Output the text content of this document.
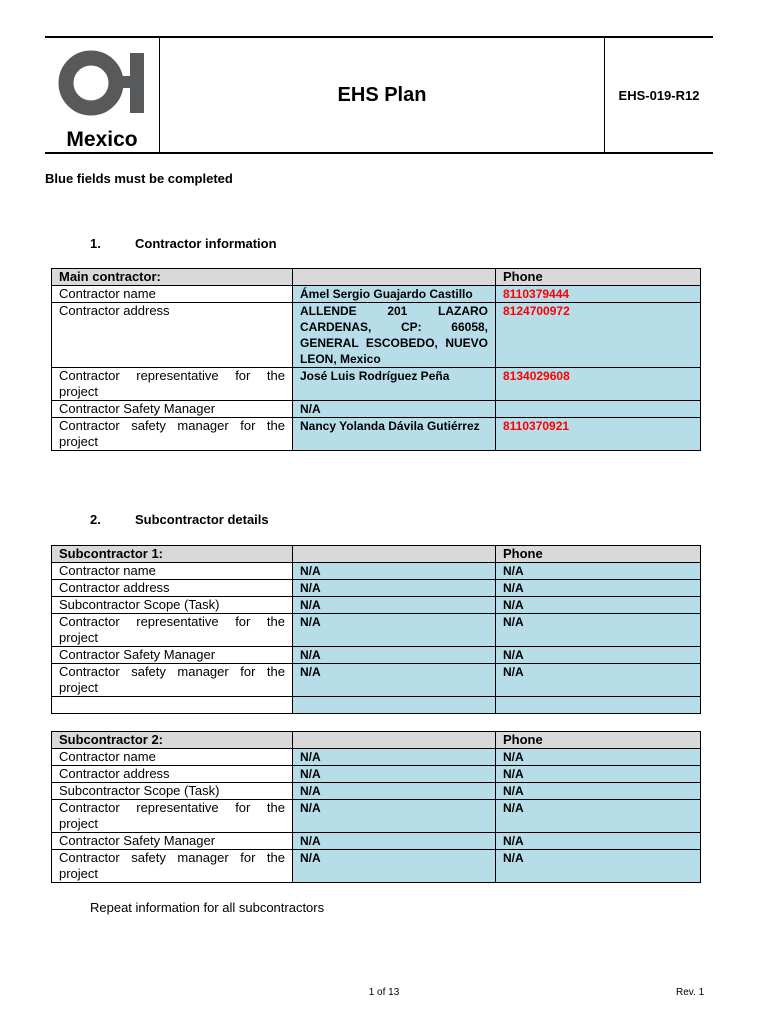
Mexico
EHS Plan	EHS-019-R12
Blue fields must be completed
1.	Contractor information
Main contractor:		Phone
Contractor name	Ámel Sergio Guajardo Castillo	8110379444
Contractor address	ALLENDE 201 LAZARO CARDENAS, CP: 66058, GENERAL ESCOBEDO, NUEVO LEON, Mexico	8124700972
Contractor representative for the project	José Luis Rodríguez Peña	8134029608
Contractor Safety Manager	N/A	
Contractor safety manager for the project	Nancy Yolanda Dávila Gutiérrez	8110370921
2.	Subcontractor details
Subcontractor 1:		Phone
Contractor name	N/A	N/A
Contractor address	N/A	N/A
Subcontractor Scope (Task)	N/A	N/A
Contractor representative for the project	N/A	N/A
Contractor Safety Manager	N/A	N/A
Contractor safety manager for the project	N/A	N/A

Subcontractor 2:		Phone
Contractor name	N/A	N/A
Contractor address	N/A	N/A
Subcontractor Scope (Task)	N/A	N/A
Contractor representative for the project	N/A	N/A
Contractor Safety Manager	N/A	N/A
Contractor safety manager for the project	N/A	N/A
Repeat information for all subcontractors
1 of 13	Rev. 1
